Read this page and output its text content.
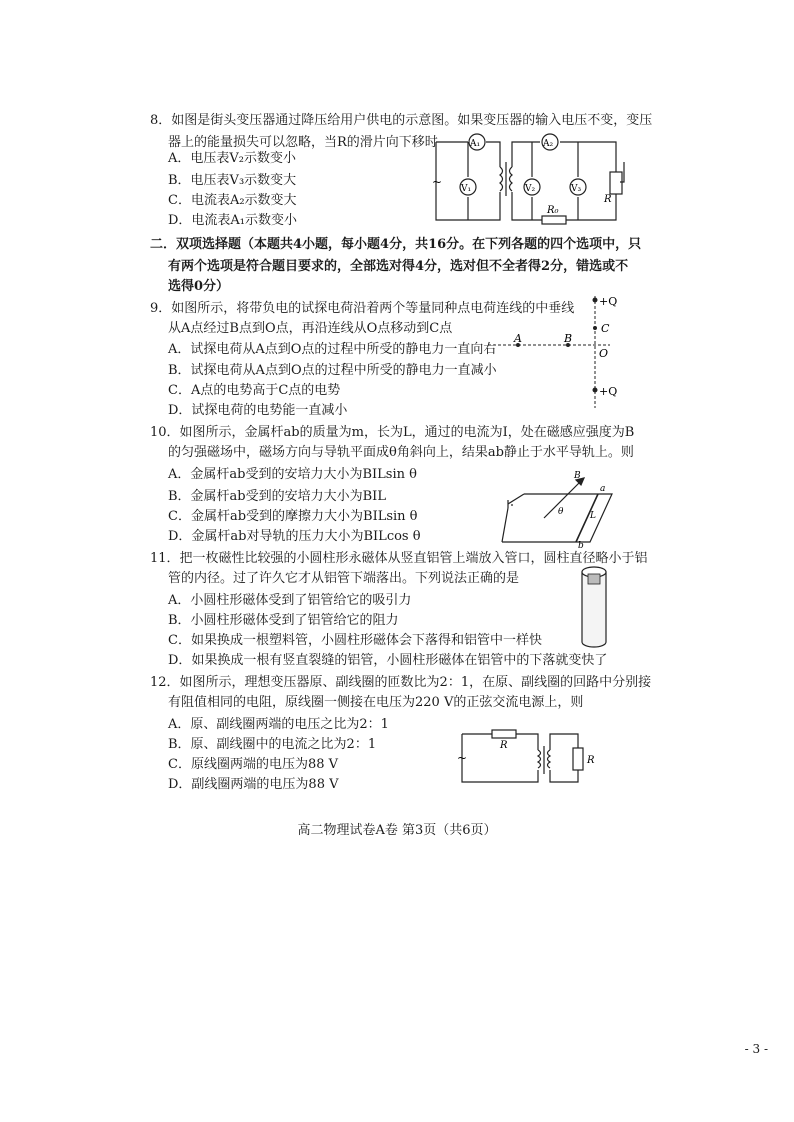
8．如图是街头变压器通过降压给用户供电的示意图。如果变压器的输入电压不变，变压
器上的能量损失可以忽略，当R的滑片向下移时
A．电压表V₂示数变小
B．电压表V₃示数变大
C．电流表A₂示数变大
D．电流表A₁示数变小
~
A₁	A₂
V₁	V₂	V₃
R₀
R
二．双项选择题（本题共4小题，每小题4分，共16分。在下列各题的四个选项中，只
有两个选项是符合题目要求的，全部选对得4分，选对但不全者得2分，错选或不
选得0分）
9．如图所示，将带负电的试探电荷沿着两个等量同种点电荷连线的中垂线
从A点经过B点到O点，再沿连线从O点移动到C点
A．试探电荷从A点到O点的过程中所受的静电力一直向右
B．试探电荷从A点到O点的过程中所受的静电力一直减小
C．A点的电势高于C点的电势
D．试探电荷的电势能一直减小
+Q
C
O
A	B
+Q
10．如图所示，金属杆ab的质量为m，长为L，通过的电流为I，处在磁感应强度为B
的匀强磁场中，磁场方向与导轨平面成θ角斜向上，结果ab静止于水平导轨上。则
A．金属杆ab受到的安培力大小为BILsin θ
B．金属杆ab受到的安培力大小为BIL
C．金属杆ab受到的摩擦力大小为BILsin θ
D．金属杆ab对导轨的压力大小为BILcos θ
B
a
b
θ	L
11．把一枚磁性比较强的小圆柱形永磁体从竖直铝管上端放入管口，圆柱直径略小于铝
管的内径。过了许久它才从铝管下端落出。下列说法正确的是
A．小圆柱形磁体受到了铝管给它的吸引力
B．小圆柱形磁体受到了铝管给它的阻力
C．如果换成一根塑料管，小圆柱形磁体会下落得和铝管中一样快
D．如果换成一根有竖直裂缝的铝管，小圆柱形磁体在铝管中的下落就变快了
12．如图所示，理想变压器原、副线圈的匝数比为2：1，在原、副线圈的回路中分别接
有阻值相同的电阻，原线圈一侧接在电压为220 V的正弦交流电源上，则
A．原、副线圈两端的电压之比为2：1
B．原、副线圈中的电流之比为2：1
C．原线圈两端的电压为88 V
D．副线圈两端的电压为88 V
R
R
~
高二物理试卷A卷 第3页（共6页）
- 3 -
